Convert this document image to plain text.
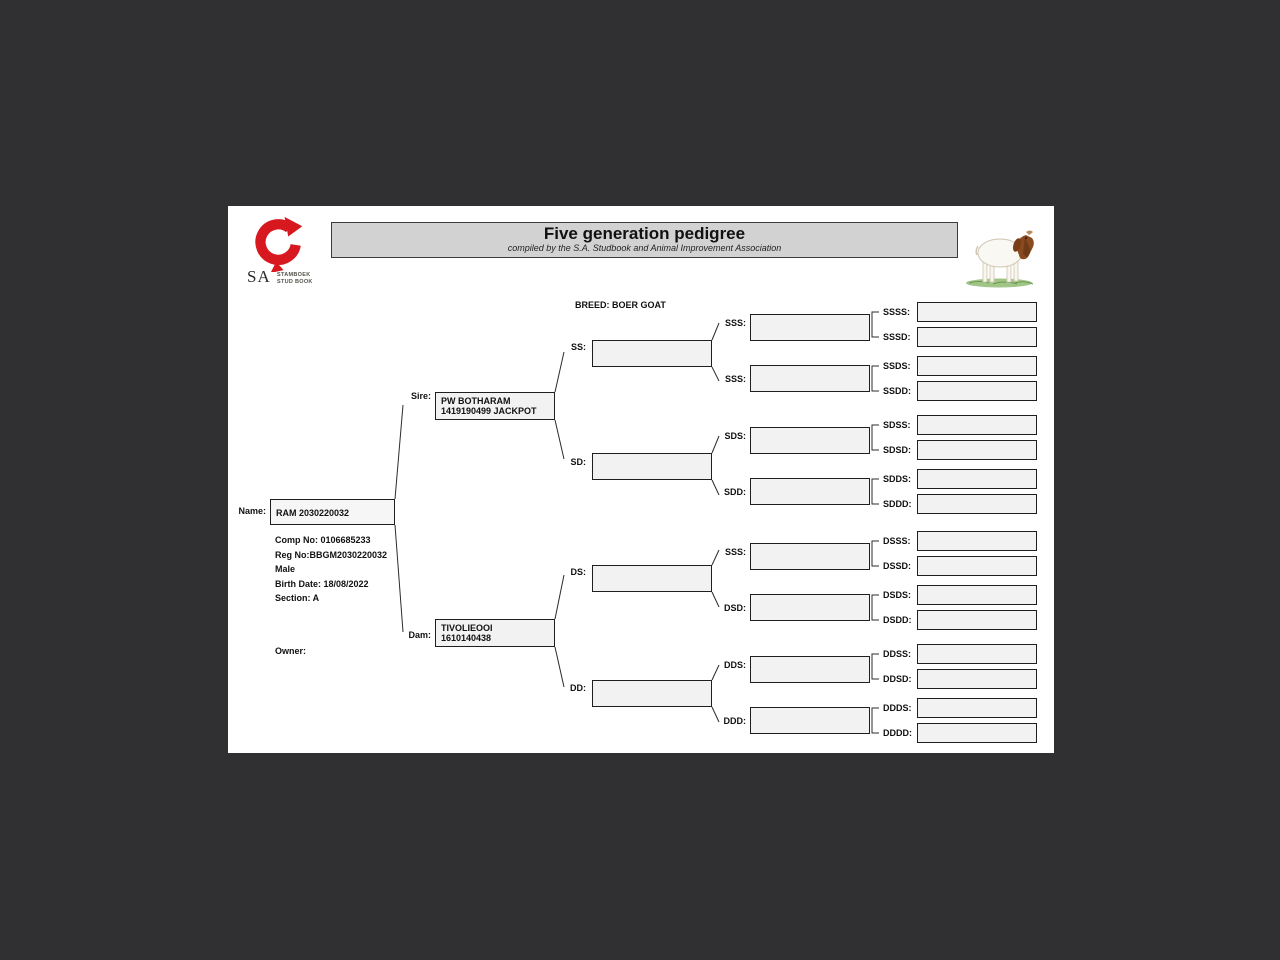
SA STAMBOEK
STUD BOOK
Five generation pedigree
compiled by the S.A. Studbook and Animal Improvement Association
BREED: BOER GOAT
Name:	RAM 2030220032
Comp No: 0106685233
Reg No:BBGM2030220032
Male
Birth Date: 18/08/2022
Section: A
Owner:
Sire: PW BOTHARAM
1419190499 JACKPOT
Dam:
TIVOLIEOOI
1610140438
SS:
SD:
DS:
DD:
SSS:
SSS:
SDS:
SDD:
SSS:
DSD:
DDS:
DDD:
SSSS:
SSSD:
SSDS:
SSDD:
SDSS:
SDSD:
SDDS:
SDDD:
DSSS:
DSSD:
DSDS:
DSDD:
DDSS:
DDSD:
DDDS:
DDDD:
